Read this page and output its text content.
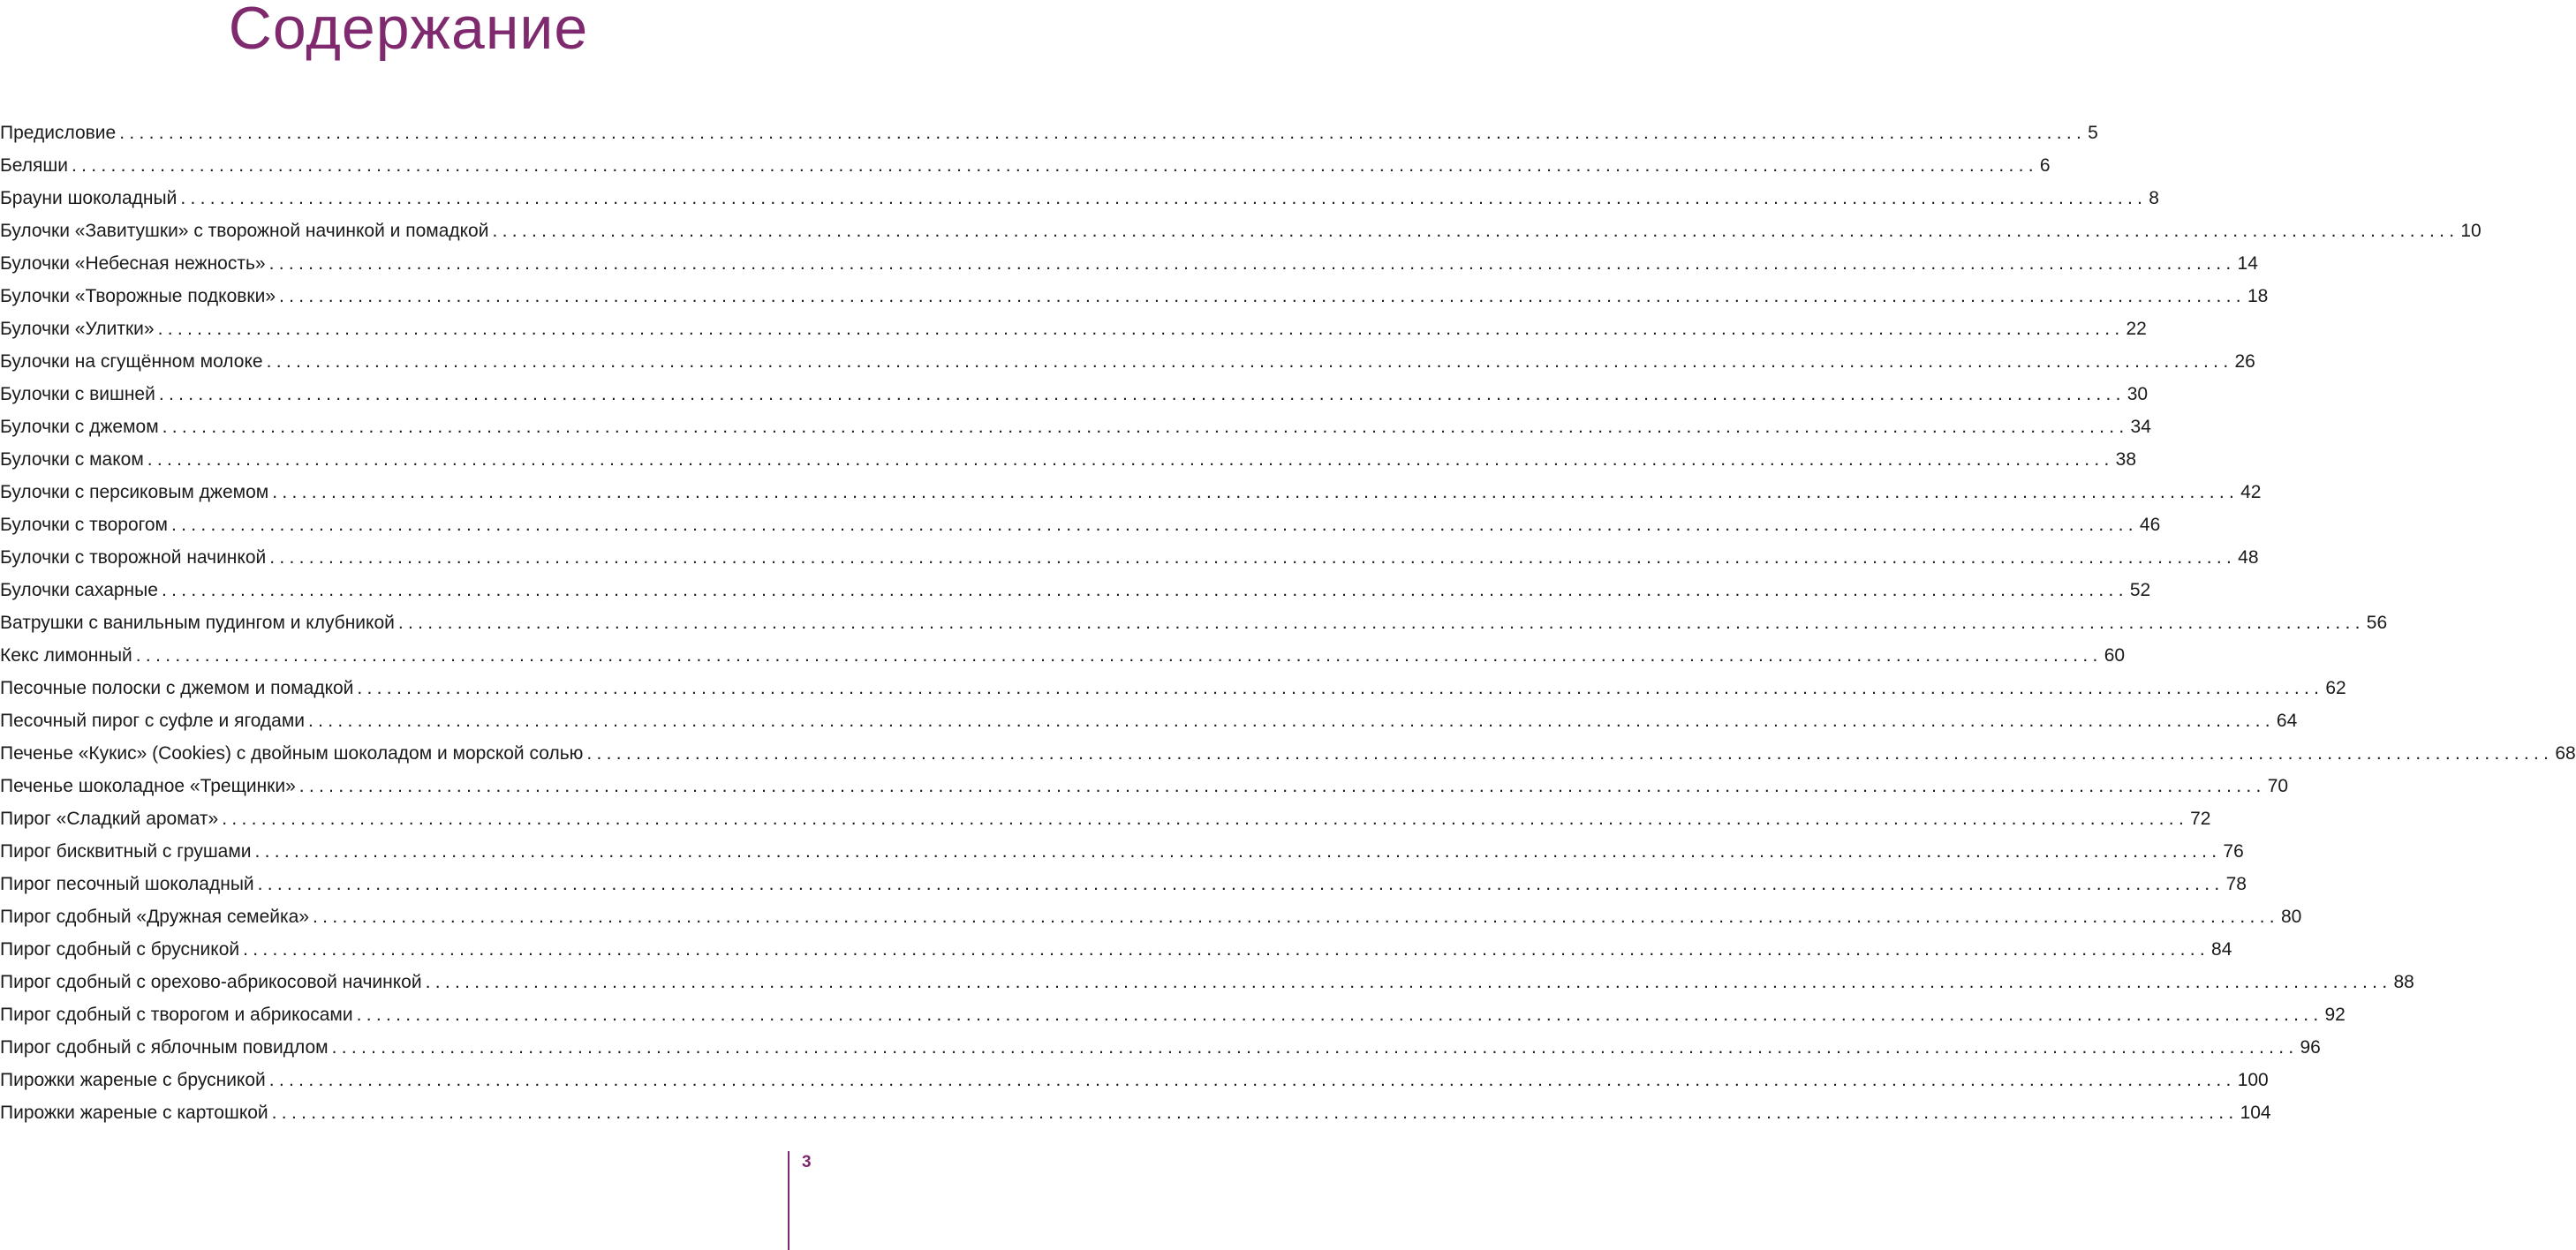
Содержание
Предисловие ........................................................................................................................................................................................................ 5
Беляши ........................................................................................................................................................................................................ 6
Брауни шоколадный ........................................................................................................................................................................................................ 8
Булочки «Завитушки» с творожной начинкой и помадкой ........................................................................................................................................................................................................ 10
Булочки «Небесная нежность» ........................................................................................................................................................................................................ 14
Булочки «Творожные подковки» ........................................................................................................................................................................................................ 18
Булочки «Улитки» ........................................................................................................................................................................................................ 22
Булочки на сгущённом молоке ........................................................................................................................................................................................................ 26
Булочки с вишней ........................................................................................................................................................................................................ 30
Булочки с джемом ........................................................................................................................................................................................................ 34
Булочки с маком ........................................................................................................................................................................................................ 38
Булочки с персиковым джемом ........................................................................................................................................................................................................ 42
Булочки с творогом ........................................................................................................................................................................................................ 46
Булочки с творожной начинкой ........................................................................................................................................................................................................ 48
Булочки сахарные ........................................................................................................................................................................................................ 52
Ватрушки с ванильным пудингом и клубникой ........................................................................................................................................................................................................ 56
Кекс лимонный ........................................................................................................................................................................................................ 60
Песочные полоски с джемом и помадкой ........................................................................................................................................................................................................ 62
Песочный пирог с суфле и ягодами ........................................................................................................................................................................................................ 64
Печенье «Кукис» (Cookies) с двойным шоколадом и морской солью ........................................................................................................................................................................................................ 68
Печенье шоколадное «Трещинки» ........................................................................................................................................................................................................ 70
Пирог «Сладкий аромат» ........................................................................................................................................................................................................ 72
Пирог бисквитный с грушами ........................................................................................................................................................................................................ 76
Пирог песочный шоколадный ........................................................................................................................................................................................................ 78
Пирог сдобный «Дружная семейка» ........................................................................................................................................................................................................ 80
Пирог сдобный с брусникой ........................................................................................................................................................................................................ 84
Пирог сдобный с орехово-абрикосовой начинкой ........................................................................................................................................................................................................ 88
Пирог сдобный с творогом и абрикосами ........................................................................................................................................................................................................ 92
Пирог сдобный с яблочным повидлом ........................................................................................................................................................................................................ 96
Пирожки жареные с брусникой ........................................................................................................................................................................................................ 100
Пирожки жареные с картошкой ........................................................................................................................................................................................................ 104
3
